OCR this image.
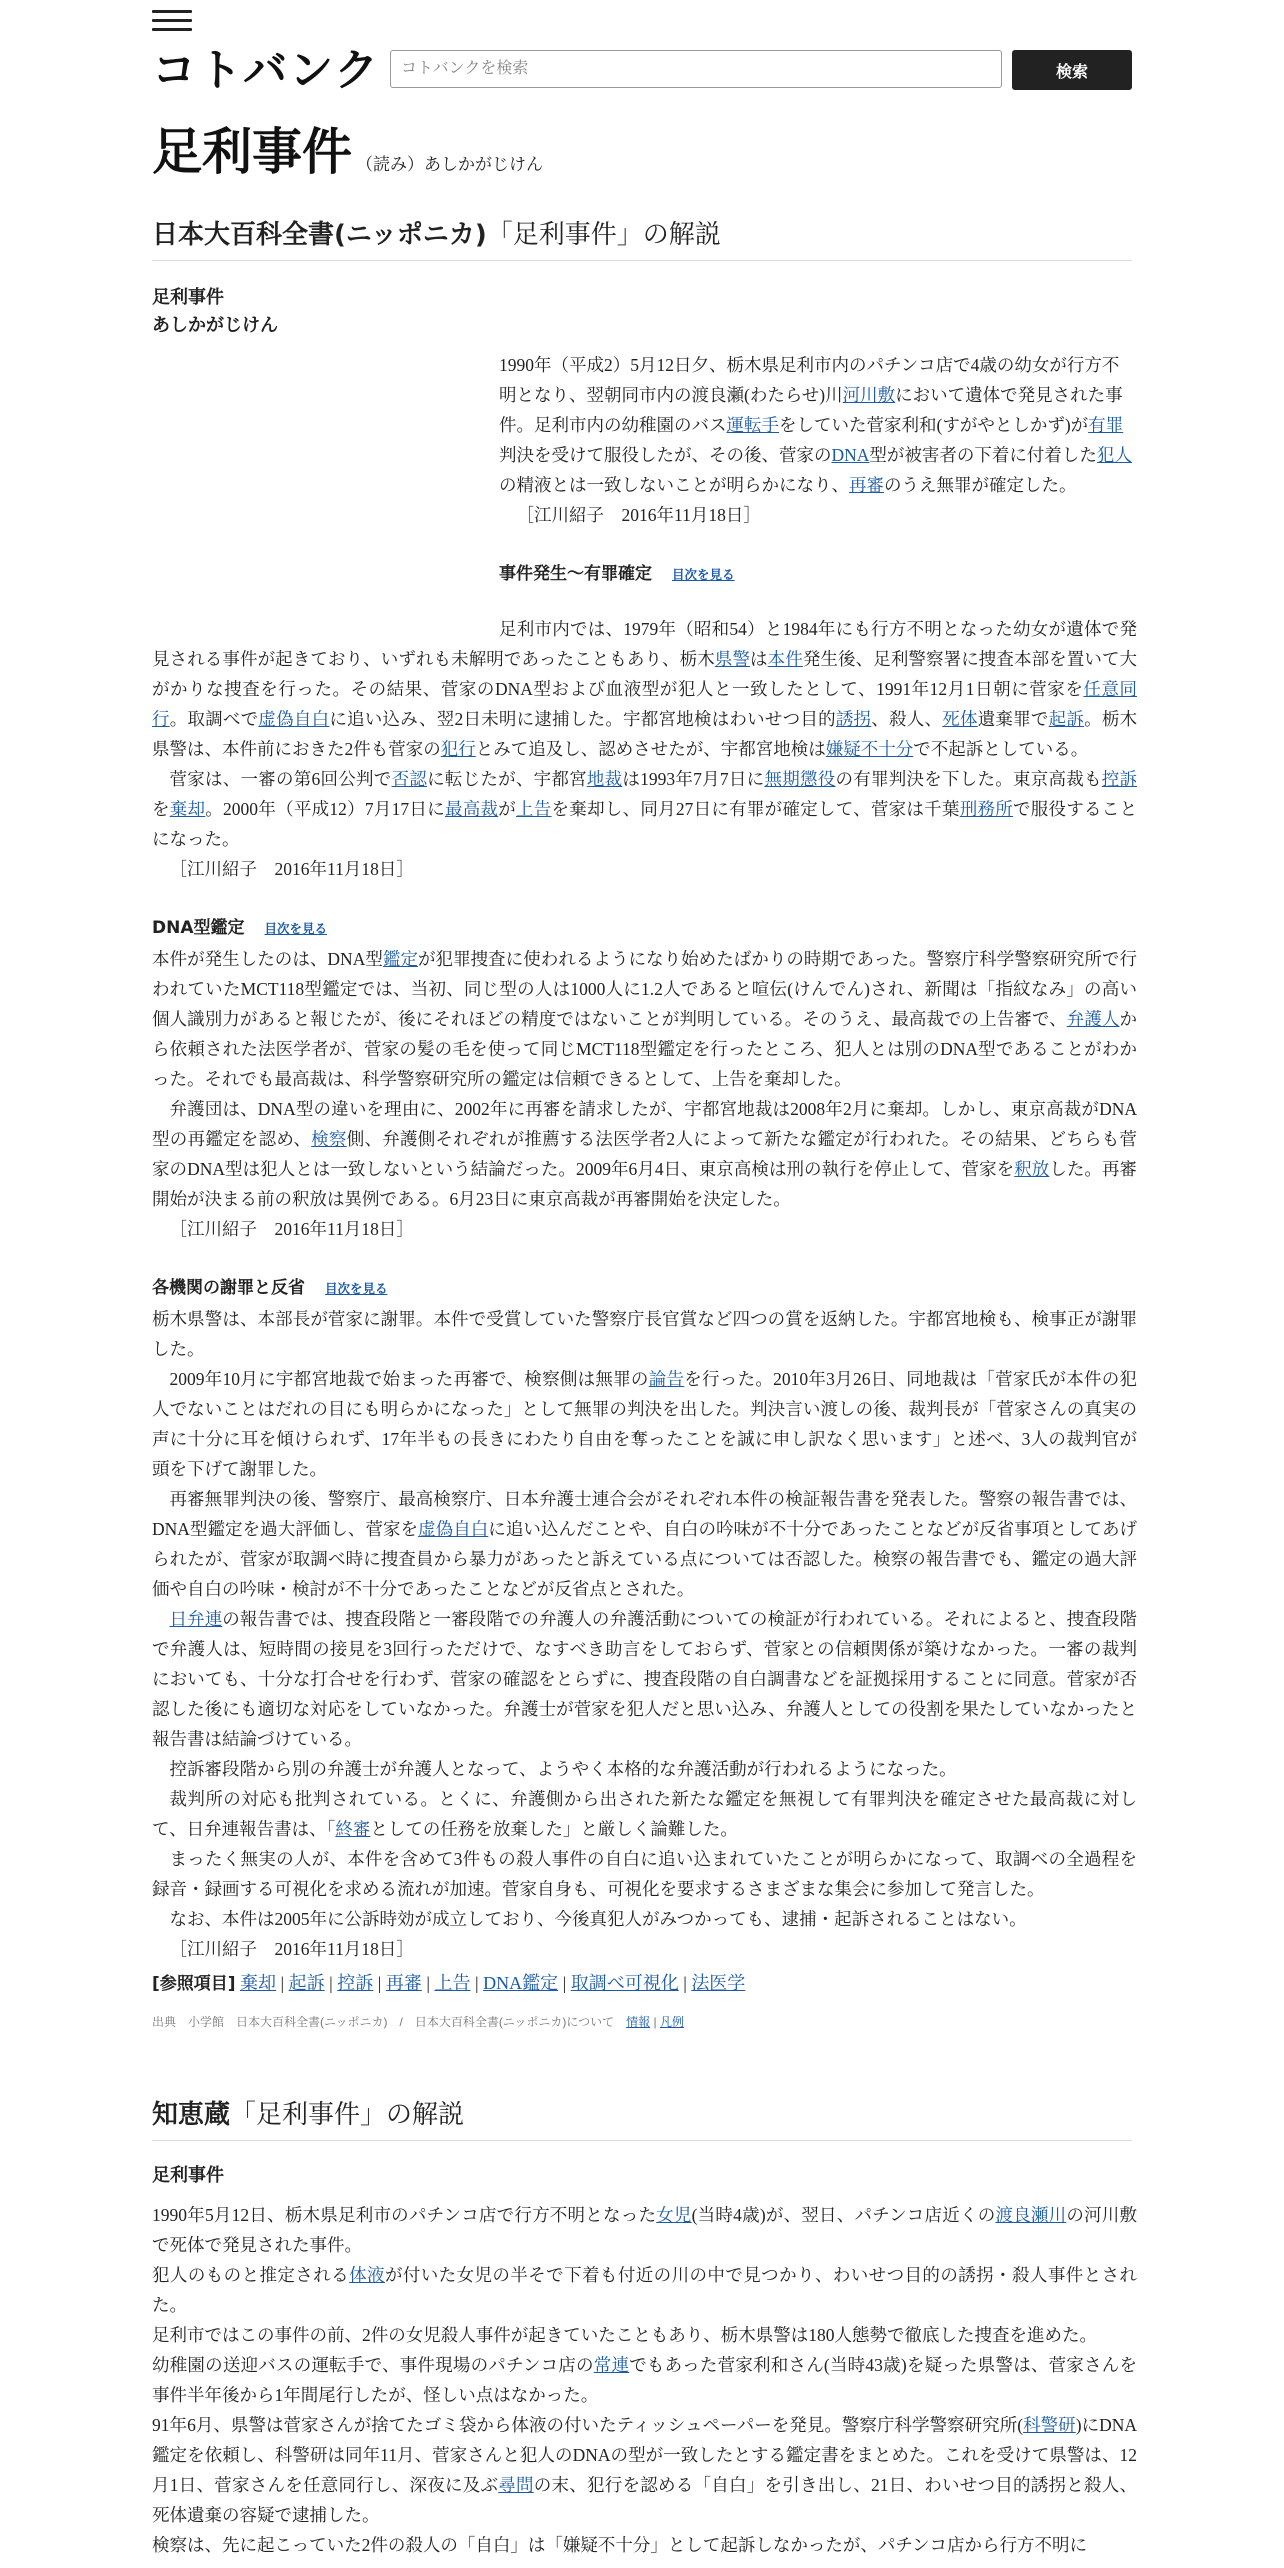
コトバンク
コトバンクを検索	検索
足利事件 （読み）あしかがじけん
日本大百科全書(ニッポニカ)「足利事件」の解説
足利事件
あしかがじけん

1990年（平成2）5月12日夕、栃木県足利市内のパチンコ店で4歳の幼女が行方不明となり、翌朝同市内の渡良瀬(わたらせ)川河川敷において遺体で発見された事件。足利市内の幼稚園のバス運転手をしていた菅家利和(すがやとしかず)が有罪判決を受けて服役したが、その後、菅家のDNA型が被害者の下着に付着した犯人の精液とは一致しないことが明らかになり、再審のうえ無罪が確定した。

［江川紹子　2016年11月18日］

事件発生～有罪確定 目次を見る

足利市内では、1979年（昭和54）と1984年にも行方不明となった幼女が遺体で発見される事件が起きており、いずれも未解明であったこともあり、栃木県警は本件発生後、足利警察署に捜査本部を置いて大がかりな捜査を行った。その結果、菅家のDNA型および血液型が犯人と一致したとして、1991年12月1日朝に菅家を任意同行。取調べで虚偽自白に追い込み、翌2日未明に逮捕した。宇都宮地検はわいせつ目的誘拐、殺人、死体遺棄罪で起訴。栃木県警は、本件前におきた2件も菅家の犯行とみて追及し、認めさせたが、宇都宮地検は嫌疑不十分で不起訴としている。

菅家は、一審の第6回公判で否認に転じたが、宇都宮地裁は1993年7月7日に無期懲役の有罪判決を下した。東京高裁も控訴を棄却。2000年（平成12）7月17日に最高裁が上告を棄却し、同月27日に有罪が確定して、菅家は千葉刑務所で服役することになった。

［江川紹子　2016年11月18日］

DNA型鑑定 目次を見る

本件が発生したのは、DNA型鑑定が犯罪捜査に使われるようになり始めたばかりの時期であった。警察庁科学警察研究所で行われていたMCT118型鑑定では、当初、同じ型の人は1000人に1.2人であると喧伝(けんでん)され、新聞は「指紋なみ」の高い個人識別力があると報じたが、後にそれほどの精度ではないことが判明している。そのうえ、最高裁での上告審で、弁護人から依頼された法医学者が、菅家の髪の毛を使って同じMCT118型鑑定を行ったところ、犯人とは別のDNA型であることがわかった。それでも最高裁は、科学警察研究所の鑑定は信頼できるとして、上告を棄却した。

弁護団は、DNA型の違いを理由に、2002年に再審を請求したが、宇都宮地裁は2008年2月に棄却。しかし、東京高裁がDNA型の再鑑定を認め、検察側、弁護側それぞれが推薦する法医学者2人によって新たな鑑定が行われた。その結果、どちらも菅家のDNA型は犯人とは一致しないという結論だった。2009年6月4日、東京高検は刑の執行を停止して、菅家を釈放した。再審開始が決まる前の釈放は異例である。6月23日に東京高裁が再審開始を決定した。

［江川紹子　2016年11月18日］

各機関の謝罪と反省 目次を見る

栃木県警は、本部長が菅家に謝罪。本件で受賞していた警察庁長官賞など四つの賞を返納した。宇都宮地検も、検事正が謝罪した。

2009年10月に宇都宮地裁で始まった再審で、検察側は無罪の論告を行った。2010年3月26日、同地裁は「菅家氏が本件の犯人でないことはだれの目にも明らかになった」として無罪の判決を出した。判決言い渡しの後、裁判長が「菅家さんの真実の声に十分に耳を傾けられず、17年半もの長きにわたり自由を奪ったことを誠に申し訳なく思います」と述べ、3人の裁判官が頭を下げて謝罪した。

再審無罪判決の後、警察庁、最高検察庁、日本弁護士連合会がそれぞれ本件の検証報告書を発表した。警察の報告書では、DNA型鑑定を過大評価し、菅家を虚偽自白に追い込んだことや、自白の吟味が不十分であったことなどが反省事項としてあげられたが、菅家が取調べ時に捜査員から暴力があったと訴えている点については否認した。検察の報告書でも、鑑定の過大評価や自白の吟味・検討が不十分であったことなどが反省点とされた。

日弁連の報告書では、捜査段階と一審段階での弁護人の弁護活動についての検証が行われている。それによると、捜査段階で弁護人は、短時間の接見を3回行っただけで、なすべき助言をしておらず、菅家との信頼関係が築けなかった。一審の裁判においても、十分な打合せを行わず、菅家の確認をとらずに、捜査段階の自白調書などを証拠採用することに同意。菅家が否認した後にも適切な対応をしていなかった。弁護士が菅家を犯人だと思い込み、弁護人としての役割を果たしていなかったと報告書は結論づけている。

控訴審段階から別の弁護士が弁護人となって、ようやく本格的な弁護活動が行われるようになった。

裁判所の対応も批判されている。とくに、弁護側から出された新たな鑑定を無視して有罪判決を確定させた最高裁に対して、日弁連報告書は、「終審としての任務を放棄した」と厳しく論難した。

まったく無実の人が、本件を含めて3件もの殺人事件の自白に追い込まれていたことが明らかになって、取調べの全過程を録音・録画する可視化を求める流れが加速。菅家自身も、可視化を要求するさまざまな集会に参加して発言した。

なお、本件は2005年に公訴時効が成立しており、今後真犯人がみつかっても、逮捕・起訴されることはない。

［江川紹子　2016年11月18日］

[参照項目] 棄却 | 起訴 | 控訴 | 再審 | 上告 | DNA鑑定 | 取調べ可視化 | 法医学

出典　小学館　日本大百科全書(ニッポニカ)　/　日本大百科全書(ニッポニカ)について　 情報 | 凡例

知恵蔵「足利事件」の解説
足利事件

1990年5月12日、栃木県足利市のパチンコ店で行方不明となった女児(当時4歳)が、翌日、パチンコ店近くの渡良瀬川の河川敷で死体で発見された事件。

犯人のものと推定される体液が付いた女児の半そで下着も付近の川の中で見つかり、わいせつ目的の誘拐・殺人事件とされた。

足利市ではこの事件の前、2件の女児殺人事件が起きていたこともあり、栃木県警は180人態勢で徹底した捜査を進めた。

幼稚園の送迎バスの運転手で、事件現場のパチンコ店の常連でもあった菅家利和さん(当時43歳)を疑った県警は、菅家さんを事件半年後から1年間尾行したが、怪しい点はなかった。

91年6月、県警は菅家さんが捨てたゴミ袋から体液の付いたティッシュペーパーを発見。警察庁科学警察研究所(科警研)にDNA鑑定を依頼し、科警研は同年11月、菅家さんと犯人のDNAの型が一致したとする鑑定書をまとめた。これを受けて県警は、12月1日、菅家さんを任意同行し、深夜に及ぶ尋問の末、犯行を認める「自白」を引き出し、21日、わいせつ目的誘拐と殺人、死体遺棄の容疑で逮捕した。

検察は、先に起こっていた2件の殺人の「自白」は「嫌疑不十分」として起訴しなかったが、パチンコ店から行方不明に
